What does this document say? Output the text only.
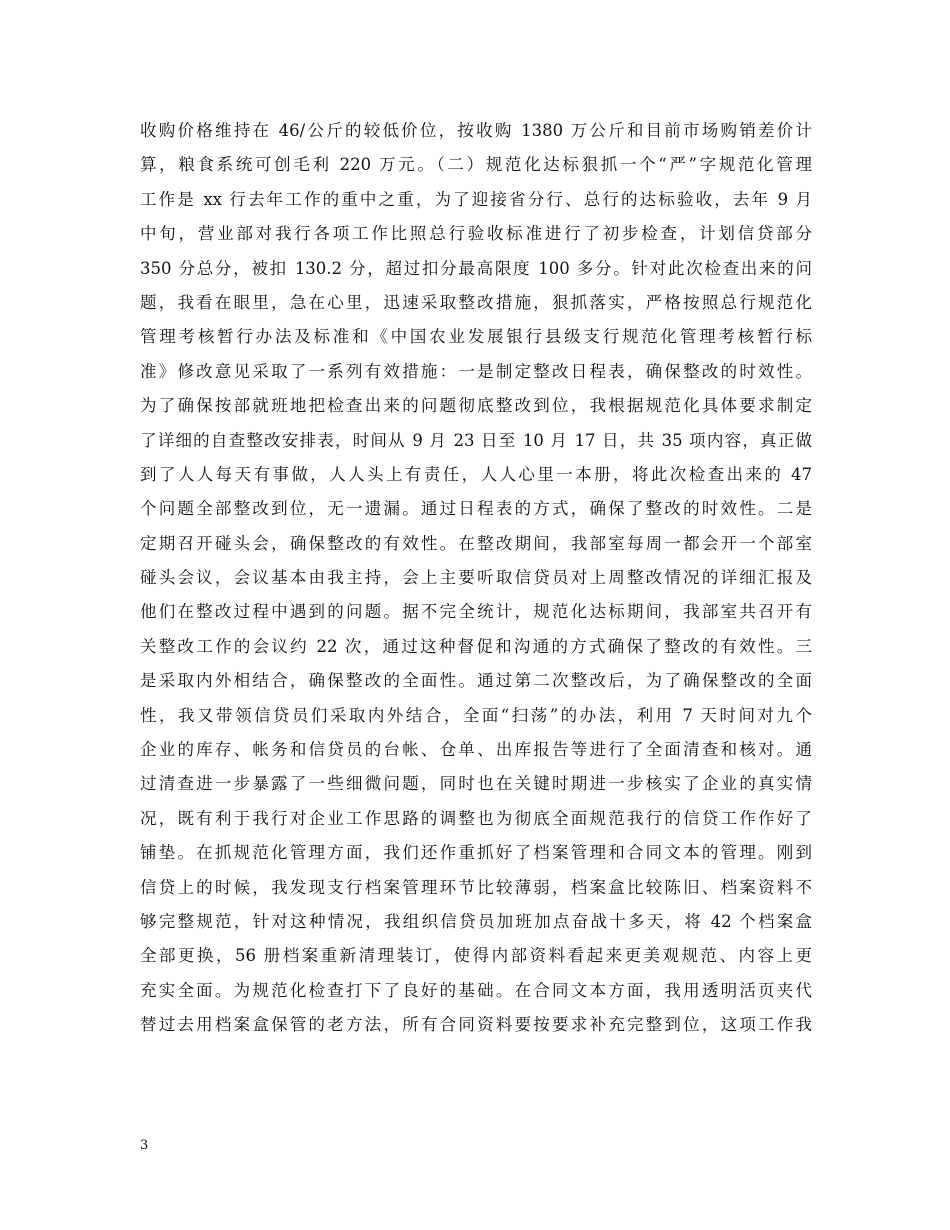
收购价格维持在 46/公斤的较低价位，按收购 1380 万公斤和目前市场购销差价计
算，粮食系统可创毛利 220 万元。（二）规范化达标狠抓一个“严”字规范化管理
工作是 xx 行去年工作的重中之重，为了迎接省分行、总行的达标验收，去年 9 月
中旬，营业部对我行各项工作比照总行验收标准进行了初步检查，计划信贷部分
350 分总分，被扣 130.2 分，超过扣分最高限度 100 多分。针对此次检查出来的问
题，我看在眼里，急在心里，迅速采取整改措施，狠抓落实，严格按照总行规范化
管理考核暂行办法及标准和《中国农业发展银行县级支行规范化管理考核暂行标
准》修改意见采取了一系列有效措施：一是制定整改日程表，确保整改的时效性。
为了确保按部就班地把检查出来的问题彻底整改到位，我根据规范化具体要求制定
了详细的自查整改安排表，时间从 9 月 23 日至 10 月 17 日，共 35 项内容，真正做
到了人人每天有事做，人人头上有责任，人人心里一本册，将此次检查出来的 47
个问题全部整改到位，无一遗漏。通过日程表的方式，确保了整改的时效性。二是
定期召开碰头会，确保整改的有效性。在整改期间，我部室每周一都会开一个部室
碰头会议，会议基本由我主持，会上主要听取信贷员对上周整改情况的详细汇报及
他们在整改过程中遇到的问题。据不完全统计，规范化达标期间，我部室共召开有
关整改工作的会议约 22 次，通过这种督促和沟通的方式确保了整改的有效性。三
是采取内外相结合，确保整改的全面性。通过第二次整改后，为了确保整改的全面
性，我又带领信贷员们采取内外结合，全面“扫荡”的办法，利用 7 天时间对九个
企业的库存、帐务和信贷员的台帐、仓单、出库报告等进行了全面清查和核对。通
过清查进一步暴露了一些细微问题，同时也在关键时期进一步核实了企业的真实情
况，既有利于我行对企业工作思路的调整也为彻底全面规范我行的信贷工作作好了
铺垫。在抓规范化管理方面，我们还作重抓好了档案管理和合同文本的管理。刚到
信贷上的时候，我发现支行档案管理环节比较薄弱，档案盒比较陈旧、档案资料不
够完整规范，针对这种情况，我组织信贷员加班加点奋战十多天，将 42 个档案盒
全部更换，56 册档案重新清理装订，使得内部资料看起来更美观规范、内容上更
充实全面。为规范化检查打下了良好的基础。在合同文本方面，我用透明活页夹代
替过去用档案盒保管的老方法，所有合同资料要按要求补充完整到位，这项工作我
3
